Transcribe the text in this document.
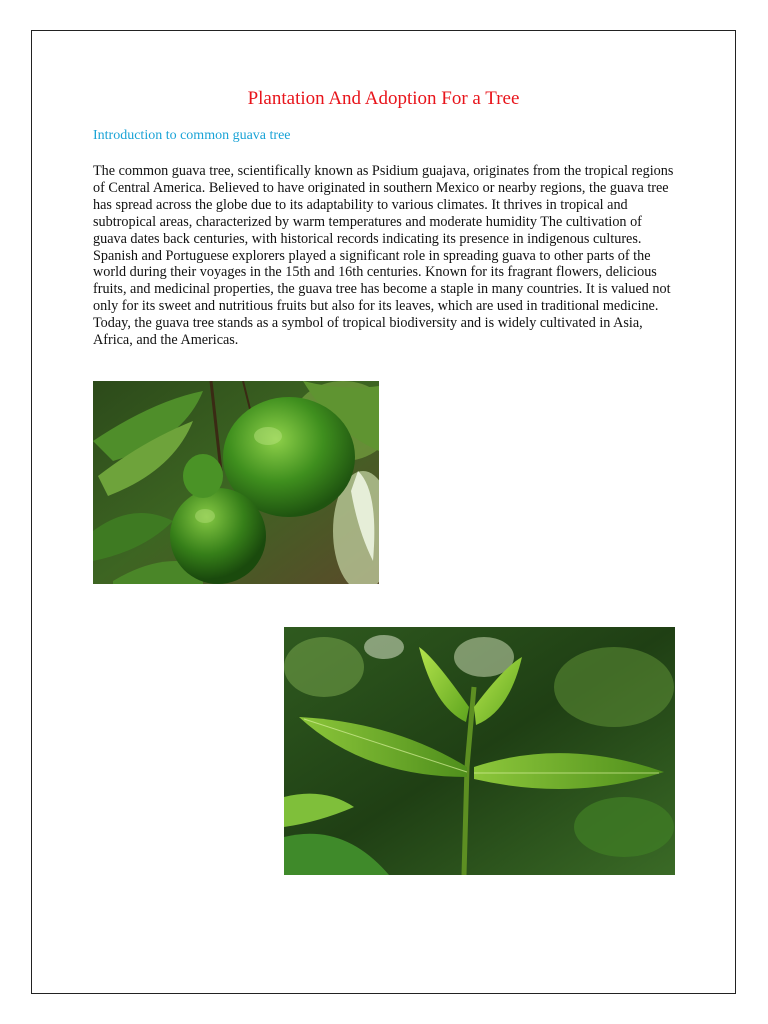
Plantation And Adoption For a Tree

Introduction to common guava tree

The common guava tree, scientifically known as Psidium guajava, originates from the tropical regions of Central America. Believed to have originated in southern Mexico or nearby regions, the guava tree has spread across the globe due to its adaptability to various climates. It thrives in tropical and subtropical areas, characterized by warm temperatures and moderate humidity The cultivation of guava dates back centuries, with historical records indicating its presence in indigenous cultures. Spanish and Portuguese explorers played a significant role in spreading guava to other parts of the world during their voyages in the 15th and 16th centuries. Known for its fragrant flowers, delicious fruits, and medicinal properties, the guava tree has become a staple in many countries. It is valued not only for its sweet and nutritious fruits but also for its leaves, which are used in traditional medicine. Today, the guava tree stands as a symbol of tropical biodiversity and is widely cultivated in Asia, Africa, and the Americas.
